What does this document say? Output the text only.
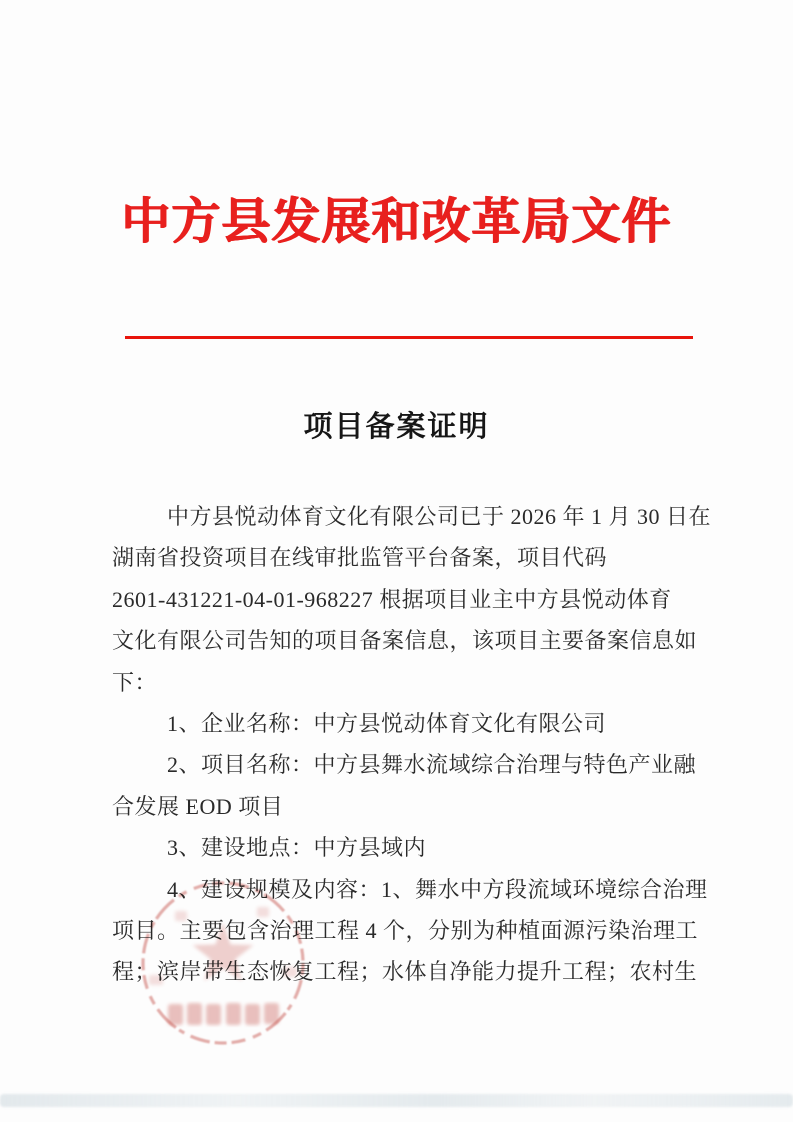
中方县发展和改革局文件
项目备案证明
中方县悦动体育文化有限公司已于 2026 年 1 月 30 日在
湖南省投资项目在线审批监管平台备案，项目代码
2601-431221-04-01-968227 根据项目业主中方县悦动体育
文化有限公司告知的项目备案信息，该项目主要备案信息如
下：
1、企业名称：中方县悦动体育文化有限公司
2、项目名称：中方县舞水流域综合治理与特色产业融
合发展 EOD 项目
3、建设地点：中方县域内
4、建设规模及内容：1、舞水中方段流域环境综合治理
项目。主要包含治理工程 4 个，分别为种植面源污染治理工
程；滨岸带生态恢复工程；水体自净能力提升工程；农村生
